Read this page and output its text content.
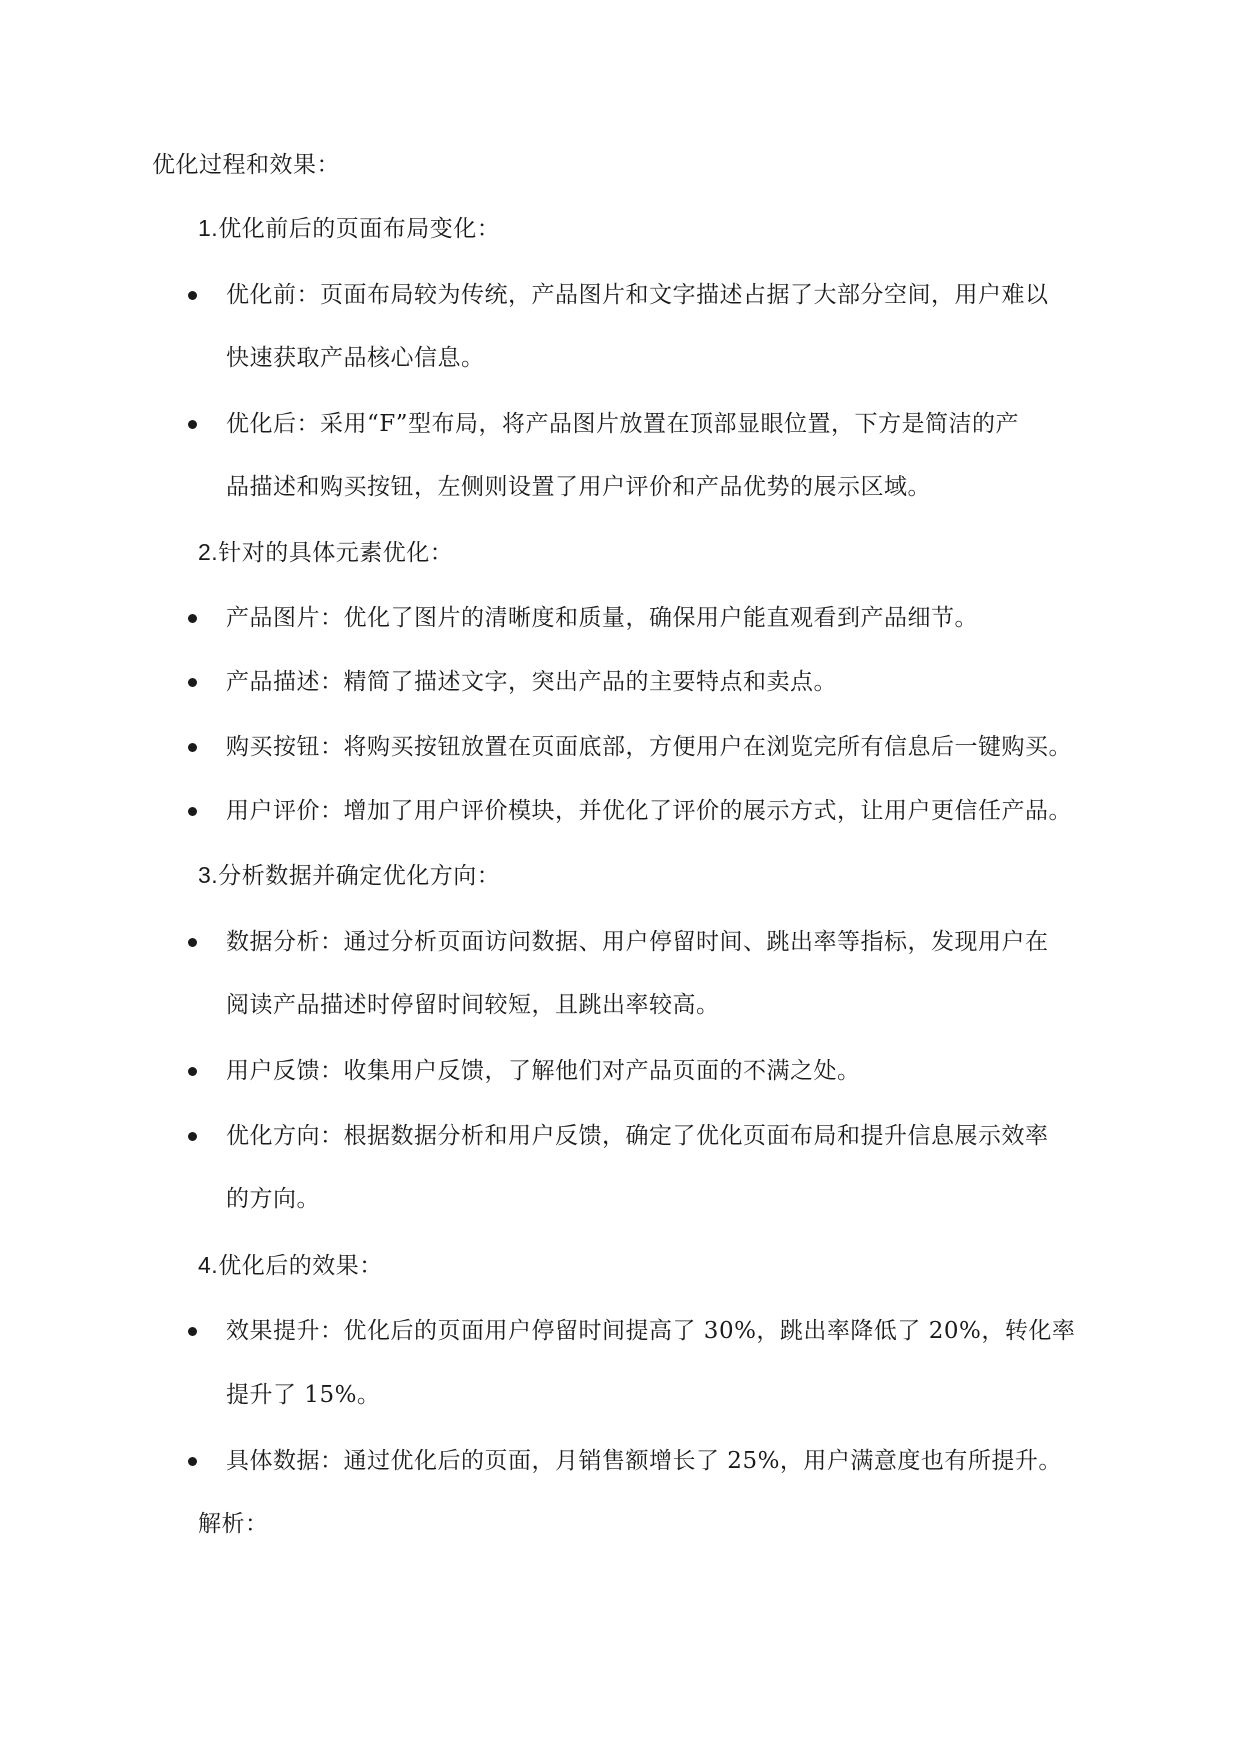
优化过程和效果：
1.优化前后的页面布局变化：
优化前：页面布局较为传统，产品图片和文字描述占据了大部分空间，用户难以
快速获取产品核心信息。
优化后：采用“F”型布局，将产品图片放置在顶部显眼位置，下方是简洁的产
品描述和购买按钮，左侧则设置了用户评价和产品优势的展示区域。
2.针对的具体元素优化：
产品图片：优化了图片的清晰度和质量，确保用户能直观看到产品细节。
产品描述：精简了描述文字，突出产品的主要特点和卖点。
购买按钮：将购买按钮放置在页面底部，方便用户在浏览完所有信息后一键购买。
用户评价：增加了用户评价模块，并优化了评价的展示方式，让用户更信任产品。
3.分析数据并确定优化方向：
数据分析：通过分析页面访问数据、用户停留时间、跳出率等指标，发现用户在
阅读产品描述时停留时间较短，且跳出率较高。
用户反馈：收集用户反馈，了解他们对产品页面的不满之处。
优化方向：根据数据分析和用户反馈，确定了优化页面布局和提升信息展示效率
的方向。
4.优化后的效果：
效果提升：优化后的页面用户停留时间提高了 30%，跳出率降低了 20%，转化率
提升了 15%。
具体数据：通过优化后的页面，月销售额增长了 25%，用户满意度也有所提升。
解析：
